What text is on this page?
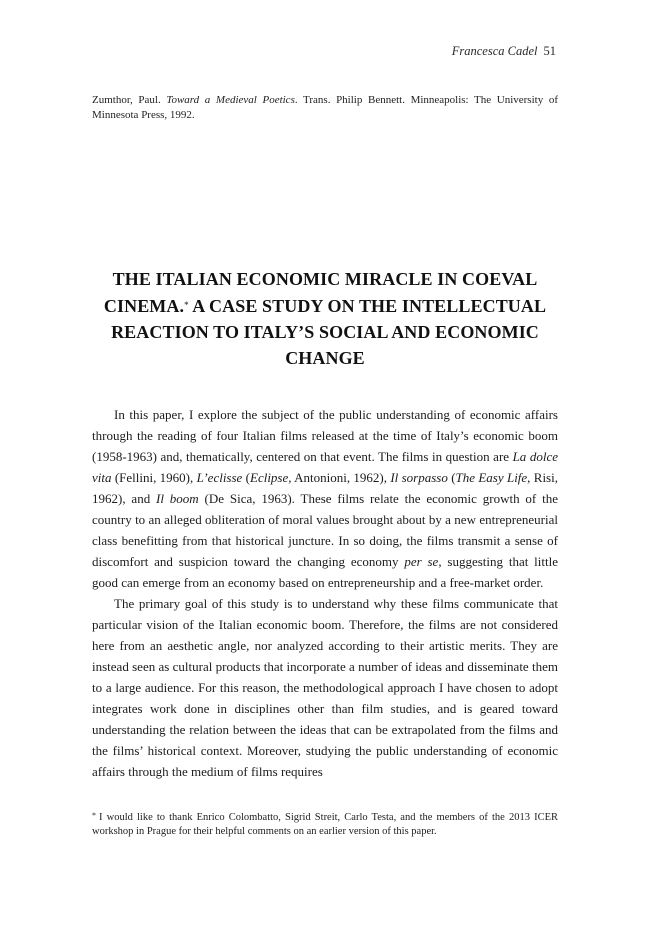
Francesca Cadel 51
Zumthor, Paul. Toward a Medieval Poetics. Trans. Philip Bennett. Minneapolis: The University of Minnesota Press, 1992.
THE ITALIAN ECONOMIC MIRACLE IN COEVAL CINEMA.* A CASE STUDY ON THE INTELLECTUAL REACTION TO ITALY’S SOCIAL AND ECONOMIC CHANGE

In this paper, I explore the subject of the public understanding of economic affairs through the reading of four Italian films released at the time of Italy’s economic boom (1958-1963) and, thematically, centered on that event. The films in question are La dolce vita (Fellini, 1960), L’eclisse (Eclipse, Antonioni, 1962), Il sorpasso (The Easy Life, Risi, 1962), and Il boom (De Sica, 1963). These films relate the economic growth of the country to an alleged obliteration of moral values brought about by a new entrepreneurial class benefitting from that historical juncture. In so doing, the films transmit a sense of discomfort and suspicion toward the changing economy per se, suggesting that little good can emerge from an economy based on entrepreneurship and a free-market order.

The primary goal of this study is to understand why these films communicate that particular vision of the Italian economic boom. Therefore, the films are not considered here from an aesthetic angle, nor analyzed according to their artistic merits. They are instead seen as cultural products that incorporate a number of ideas and disseminate them to a large audience. For this reason, the methodological approach I have chosen to adopt integrates work done in disciplines other than film studies, and is geared toward understanding the relation between the ideas that can be extrapolated from the films and the films’ historical context. Moreover, studying the public understanding of economic affairs through the medium of films requires

* I would like to thank Enrico Colombatto, Sigrid Streit, Carlo Testa, and the members of the 2013 ICER workshop in Prague for their helpful comments on an earlier version of this paper.
